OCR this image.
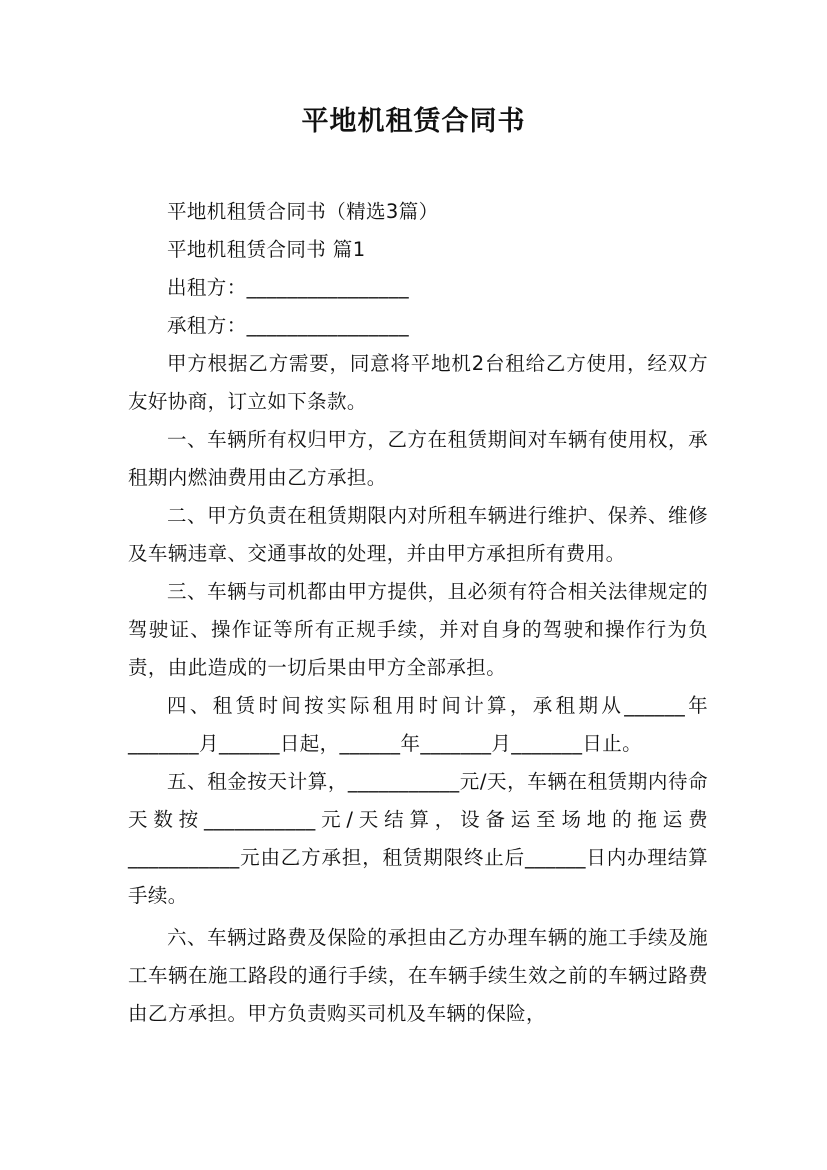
平地机租赁合同书

平地机租赁合同书（精选3篇）

平地机租赁合同书 篇1

出租方：________________

承租方：________________

甲方根据乙方需要，同意将平地机2台租给乙方使用，经双方友好协商，订立如下条款。

一、车辆所有权归甲方，乙方在租赁期间对车辆有使用权，承租期内燃油费用由乙方承担。

二、甲方负责在租赁期限内对所租车辆进行维护、保养、维修及车辆违章、交通事故的处理，并由甲方承担所有费用。

三、车辆与司机都由甲方提供，且必须有符合相关法律规定的驾驶证、操作证等所有正规手续，并对自身的驾驶和操作行为负责，由此造成的一切后果由甲方全部承担。

四、租赁时间按实际租用时间计算，承租期从______年_______月______日起，______年_______月_______日止。

五、租金按天计算，___________元/天，车辆在租赁期内待命天数按___________元/天结算，设备运至场地的拖运费___________元由乙方承担，租赁期限终止后______日内办理结算手续。

六、车辆过路费及保险的承担由乙方办理车辆的施工手续及施工车辆在施工路段的通行手续，在车辆手续生效之前的车辆过路费由乙方承担。甲方负责购买司机及车辆的保险，
